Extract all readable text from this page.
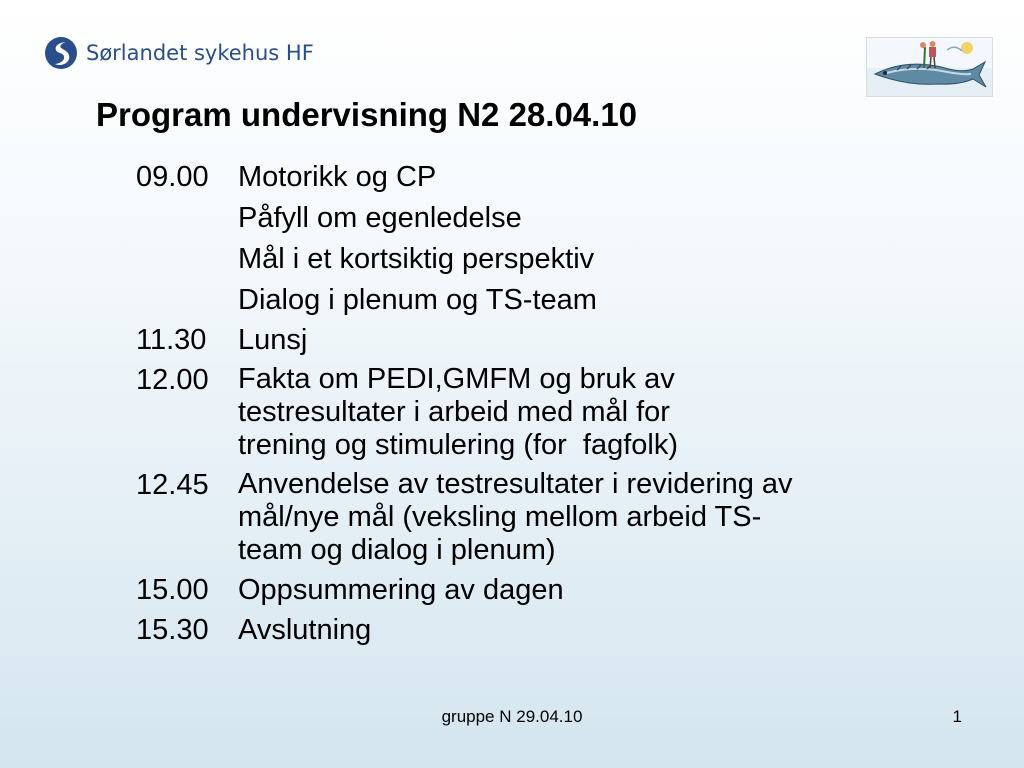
Sørlandet sykehus HF
Program undervisning N2 28.04.10
09.00	Motorikk og CP
Påfyll om egenledelse
Mål i et kortsiktig perspektiv
Dialog i plenum og TS-team
11.30	Lunsj
12.00	Fakta om PEDI,GMFM og bruk av
testresultater i arbeid med mål for
trening og stimulering (for  fagfolk)
12.45	Anvendelse av testresultater i revidering av
mål/nye mål (veksling mellom arbeid TS-
team og dialog i plenum)
15.00	Oppsummering av dagen
15.30	Avslutning
gruppe N 29.04.10	1
